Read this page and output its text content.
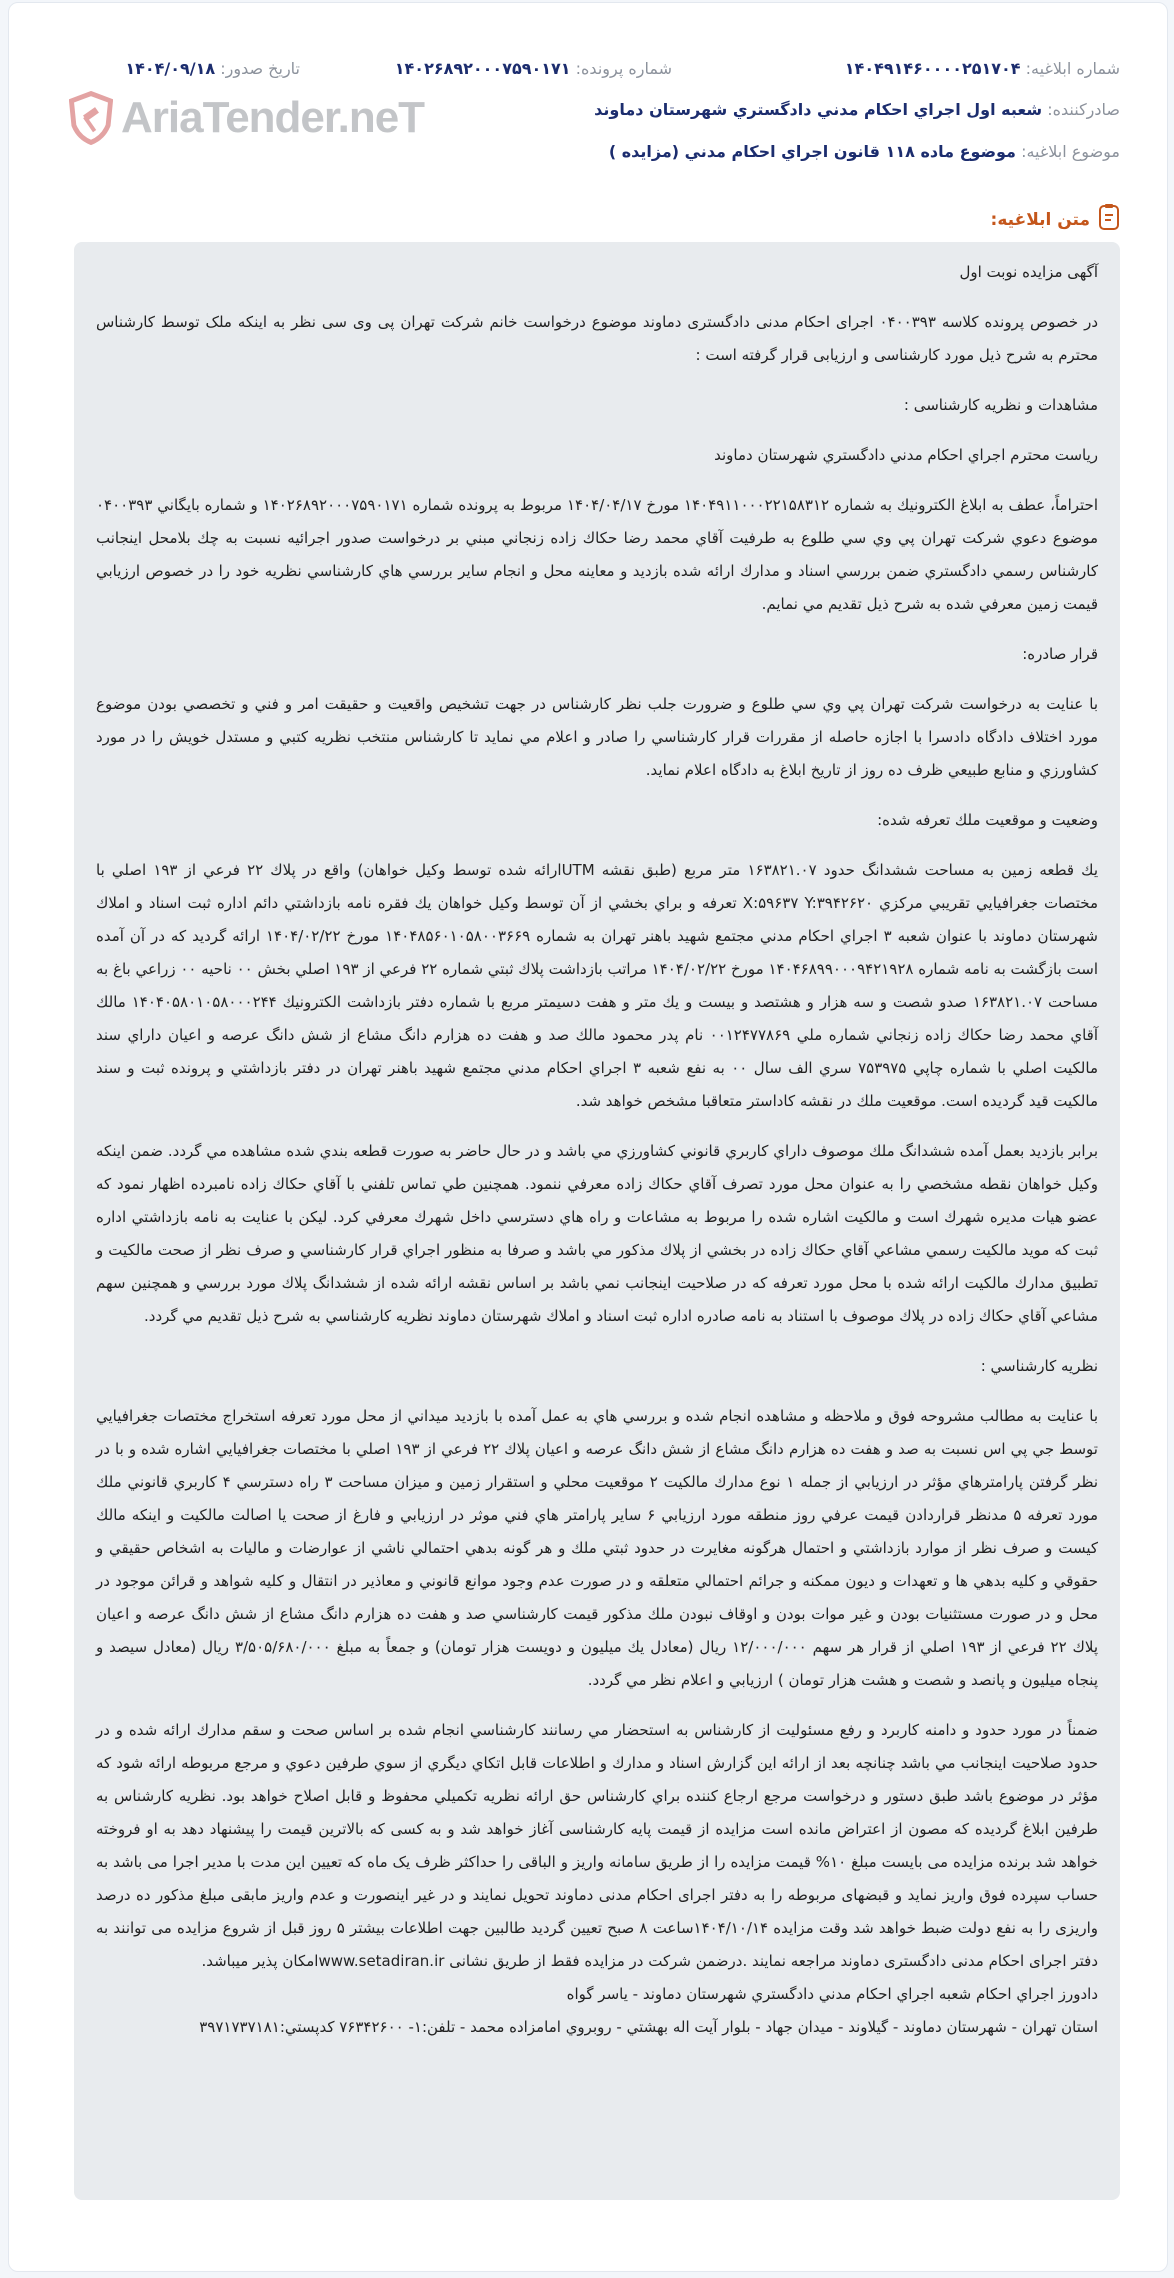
AriaTender.neT
شماره ابلاغیه: ۱۴۰۴۹۱۴۶۰۰۰۰۲۵۱۷۰۴
شماره پرونده: ۱۴۰۲۶۸۹۲۰۰۰۷۵۹۰۱۷۱
تاریخ صدور: ۱۴۰۴/۰۹/۱۸
صادرکننده: شعبه اول اجراي احكام مدني دادگستري شهرستان دماوند
موضوع ابلاغیه: موضوع ماده ۱۱۸ قانون اجراي احكام مدني (مزايده )
متن ابلاغیه:

آگهی مزایده نوبت اول

در خصوص پرونده کلاسه ۰۴۰۰۳۹۳ اجرای احکام مدنی دادگستری دماوند موضوع درخواست خانم شرکت تهران پی وی سی نظر به اینکه ملک توسط کارشناس محترم به شرح ذیل مورد کارشناسی و ارزیابی قرار گرفته است :

مشاهدات و نظریه کارشناسی :

ریاست محترم اجراي احكام مدني دادگستري شهرستان دماوند

احتراماً، عطف به ابلاغ الكترونيك به شماره ۱۴۰۴۹۱۱۰۰۰۲۲۱۵۸۳۱۲ مورخ ۱۴۰۴/۰۴/۱۷ مربوط به پرونده شماره ۱۴۰۲۶۸۹۲۰۰۰۷۵۹۰۱۷۱ و شماره بايگاني ۰۴۰۰۳۹۳ موضوع دعوي شركت تهران پي وي سي طلوع به طرفيت آقاي محمد رضا حكاك زاده زنجاني مبني بر درخواست صدور اجرائيه نسبت به چك بلامحل اينجانب كارشناس رسمي دادگستري ضمن بررسي اسناد و مدارك ارائه شده بازديد و معاينه محل و انجام ساير بررسي هاي كارشناسي نظريه خود را در خصوص ارزيابي قيمت زمين معرفي شده به شرح ذيل تقديم مي نمايم.

قرار صادره:

با عنايت به درخواست شركت تهران پي وي سي طلوع و ضرورت جلب نظر كارشناس در جهت تشخيص واقعيت و حقيقت امر و فني و تخصصي بودن موضوع مورد اختلاف دادگاه دادسرا با اجازه حاصله از مقررات قرار كارشناسي را صادر و اعلام مي نمايد تا كارشناس منتخب نظريه كتبي و مستدل خويش را در مورد كشاورزي و منابع طبيعي ظرف ده روز از تاريخ ابلاغ به دادگاه اعلام نمايد.

وضعيت و موقعيت ملك تعرفه شده:

يك قطعه زمين به مساحت ششدانگ حدود ۱۶۳۸۲۱.۰۷ متر مربع (طبق نقشه UTMارائه شده توسط وكيل خواهان) واقع در پلاك ۲۲ فرعي از ۱۹۳ اصلي با مختصات جغرافيايي تقريبي مركزي X:۵۹۶۳۷ Y:۳۹۴۲۶۲۰ تعرفه و براي بخشي از آن توسط وكيل خواهان يك فقره نامه بازداشتي دائم اداره ثبت اسناد و املاك شهرستان دماوند با عنوان شعبه ۳ اجراي احكام مدني مجتمع شهيد باهنر تهران به شماره ۱۴۰۴۸۵۶۰۱۰۵۸۰۰۳۶۶۹ مورخ ۱۴۰۴/۰۲/۲۲ ارائه گرديد كه در آن آمده است بازگشت به نامه شماره ۱۴۰۴۶۸۹۹۰۰۰۹۴۲۱۹۲۸ مورخ ۱۴۰۴/۰۲/۲۲ مراتب بازداشت پلاك ثبتي شماره ۲۲ فرعي از ۱۹۳ اصلي بخش ۰۰ ناحيه ۰۰ زراعي باغ به مساحت ۱۶۳۸۲۱.۰۷ صدو شصت و سه هزار و هشتصد و بيست و يك متر و هفت دسيمتر مربع با شماره دفتر بازداشت الكترونيك ۱۴۰۴۰۵۸۰۱۰۵۸۰۰۰۲۴۴ مالك آقاي محمد رضا حكاك زاده زنجاني شماره ملي ۰۰۱۲۴۷۷۸۶۹ نام پدر محمود مالك صد و هفت ده هزارم دانگ مشاع از شش دانگ عرصه و اعيان داراي سند مالكيت اصلي با شماره چاپي ۷۵۳۹۷۵ سري الف سال ۰۰ به نفع شعبه ۳ اجراي احكام مدني مجتمع شهيد باهنر تهران در دفتر بازداشتي و پرونده ثبت و سند مالكيت قيد گرديده است. موقعيت ملك در نقشه كاداستر متعاقبا مشخص خواهد شد.

برابر بازديد بعمل آمده ششدانگ ملك موصوف داراي كاربري قانوني كشاورزي مي باشد و در حال حاضر به صورت قطعه بندي شده مشاهده مي گردد. ضمن اينكه وكيل خواهان نقطه مشخصي را به عنوان محل مورد تصرف آقاي حكاك زاده معرفي ننمود. همچنين طي تماس تلفني با آقاي حكاك زاده نامبرده اظهار نمود كه عضو هيات مديره شهرك است و مالكيت اشاره شده را مربوط به مشاعات و راه هاي دسترسي داخل شهرك معرفي كرد. ليكن با عنايت به نامه بازداشتي اداره ثبت كه مويد مالكيت رسمي مشاعي آقاي حكاك زاده در بخشي از پلاك مذكور مي باشد و صرفا به منظور اجراي قرار كارشناسي و صرف نظر از صحت مالكيت و تطبيق مدارك مالكيت ارائه شده با محل مورد تعرفه كه در صلاحيت اينجانب نمي باشد بر اساس نقشه ارائه شده از ششدانگ پلاك مورد بررسي و همچنين سهم مشاعي آقاي حكاك زاده در پلاك موصوف با استناد به نامه صادره اداره ثبت اسناد و املاك شهرستان دماوند نظريه كارشناسي به شرح ذيل تقديم مي گردد.

نظريه كارشناسي :

با عنايت به مطالب مشروحه فوق و ملاحظه و مشاهده انجام شده و بررسي هاي به عمل آمده با بازديد ميداني از محل مورد تعرفه استخراج مختصات جغرافيايي توسط جي پي اس نسبت به صد و هفت ده هزارم دانگ مشاع از شش دانگ عرصه و اعيان پلاك ۲۲ فرعي از ۱۹۳ اصلي با مختصات جغرافيايي اشاره شده و با در نظر گرفتن پارامترهاي مؤثر در ارزيابي از جمله ۱ نوع مدارك مالكيت ۲ موقعيت محلي و استقرار زمين و ميزان مساحت ۳ راه دسترسي ۴ كاربري قانوني ملك مورد تعرفه ۵ مدنظر قراردادن قيمت عرفي روز منطقه مورد ارزيابي ۶ ساير پارامتر هاي فني موثر در ارزيابي و فارغ از صحت يا اصالت مالكيت و اينكه مالك كيست و صرف نظر از موارد بازداشتي و احتمال هرگونه مغايرت در حدود ثبتي ملك و هر گونه بدهي احتمالي ناشي از عوارضات و ماليات به اشخاص حقيقي و حقوقي و كليه بدهي ها و تعهدات و ديون ممكنه و جرائم احتمالي متعلقه و در صورت عدم وجود موانع قانوني و معاذير در انتقال و كليه شواهد و قرائن موجود در محل و در صورت مستثنيات بودن و غير موات بودن و اوقاف نبودن ملك مذكور قيمت كارشناسي صد و هفت ده هزارم دانگ مشاع از شش دانگ عرصه و اعيان پلاك ۲۲ فرعي از ۱۹۳ اصلي از قرار هر سهم ۱۲/۰۰۰/۰۰۰ ريال (معادل يك ميليون و دويست هزار تومان) و جمعاً به مبلغ ۳/۵۰۵/۶۸۰/۰۰۰ ريال (معادل سيصد و پنجاه ميليون و پانصد و شصت و هشت هزار تومان ) ارزيابي و اعلام نظر مي گردد.

ضمناً در مورد حدود و دامنه كاربرد و رفع مسئوليت از كارشناس به استحضار مي رسانند كارشناسي انجام شده بر اساس صحت و سقم مدارك ارائه شده و در حدود صلاحيت اينجانب مي باشد چنانچه بعد از ارائه اين گزارش اسناد و مدارك و اطلاعات قابل اتكاي ديگري از سوي طرفين دعوي و مرجع مربوطه ارائه شود كه مؤثر در موضوع باشد طبق دستور و درخواست مرجع ارجاع كننده براي كارشناس حق ارائه نظريه تكميلي محفوظ و قابل اصلاح خواهد بود. نظریه کارشناس به طرفین ابلاغ گردیده که مصون از اعتراض مانده است مزایده از قیمت پایه کارشناسی آغاز خواهد شد و به کسی که بالاترین قیمت را پیشنهاد دهد به او فروخته خواهد شد برنده مزایده می بایست مبلغ ۱۰% قیمت مزایده را از طریق سامانه واریز و الباقی را حداکثر ظرف یک ماه که تعیین این مدت با مدیر اجرا می باشد به حساب سپرده فوق واریز نماید و قبضهای مربوطه را به دفتر اجرای احکام مدنی دماوند تحویل نمایند و در غیر اینصورت و عدم واریز مابقی مبلغ مذکور ده درصد واریزی را به نفع دولت ضبط خواهد شد وقت مزایده ۱۴۰۴/۱۰/۱۴ساعت ۸ صبح تعیین گردید طالبین جهت اطلاعات بیشتر ۵ روز قبل از شروع مزایده می توانند به دفتر اجرای احکام مدنی دادگستری دماوند مراجعه نمایند .درضمن شرکت در مزایده فقط از طریق نشانی www.setadiran.irامکان پذیر میباشد.

دادورز اجراي احكام شعبه اجراي احكام مدني دادگستري شهرستان دماوند - ياسر گواه

استان تهران - شهرستان دماوند - گيلاوند - ميدان جهاد - بلوار آيت اله بهشتي - روبروي امامزاده محمد - تلفن:۱- ۷۶۳۴۲۶۰۰ كدپستي:۳۹۷۱۷۳۷۱۸۱
